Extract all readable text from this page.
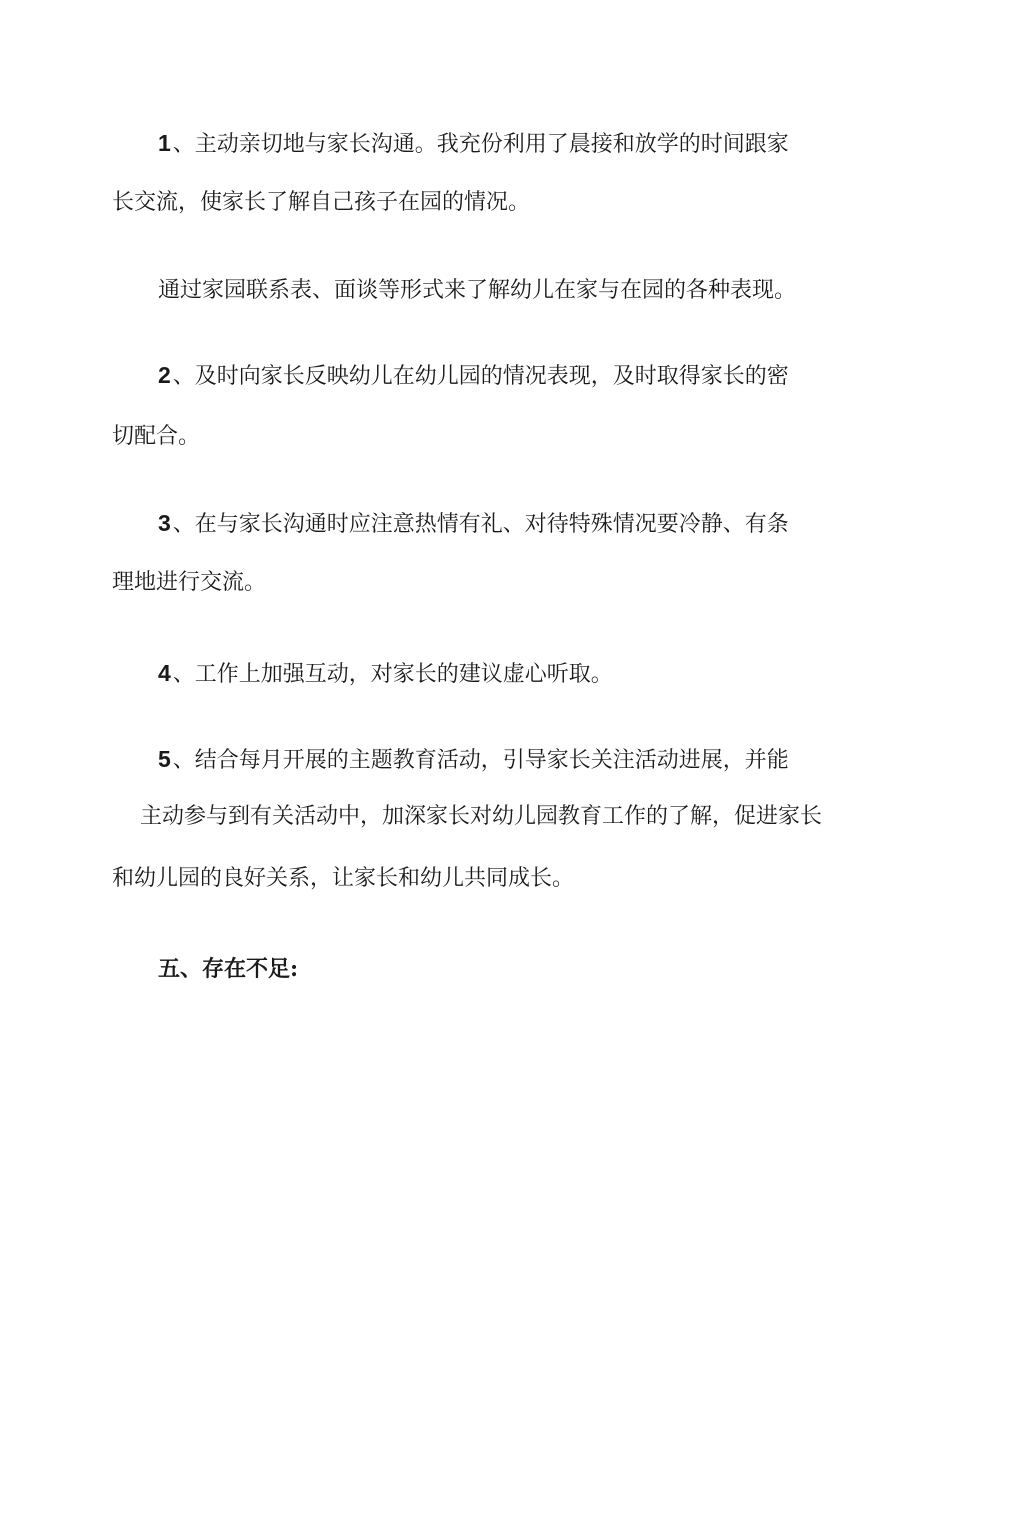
1、主动亲切地与家长沟通。我充份利用了晨接和放学的时间跟家
长交流，使家长了解自己孩子在园的情况。
通过家园联系表、面谈等形式来了解幼儿在家与在园的各种表现。
2、及时向家长反映幼儿在幼儿园的情况表现，及时取得家长的密
切配合。
3、在与家长沟通时应注意热情有礼、对待特殊情况要冷静、有条
理地进行交流。
4、工作上加强互动，对家长的建议虚心听取。
5、结合每月开展的主题教育活动，引导家长关注活动进展，并能
主动参与到有关活动中，加深家长对幼儿园教育工作的了解，促进家长
和幼儿园的良好关系，让家长和幼儿共同成长。
五、存在不足:
